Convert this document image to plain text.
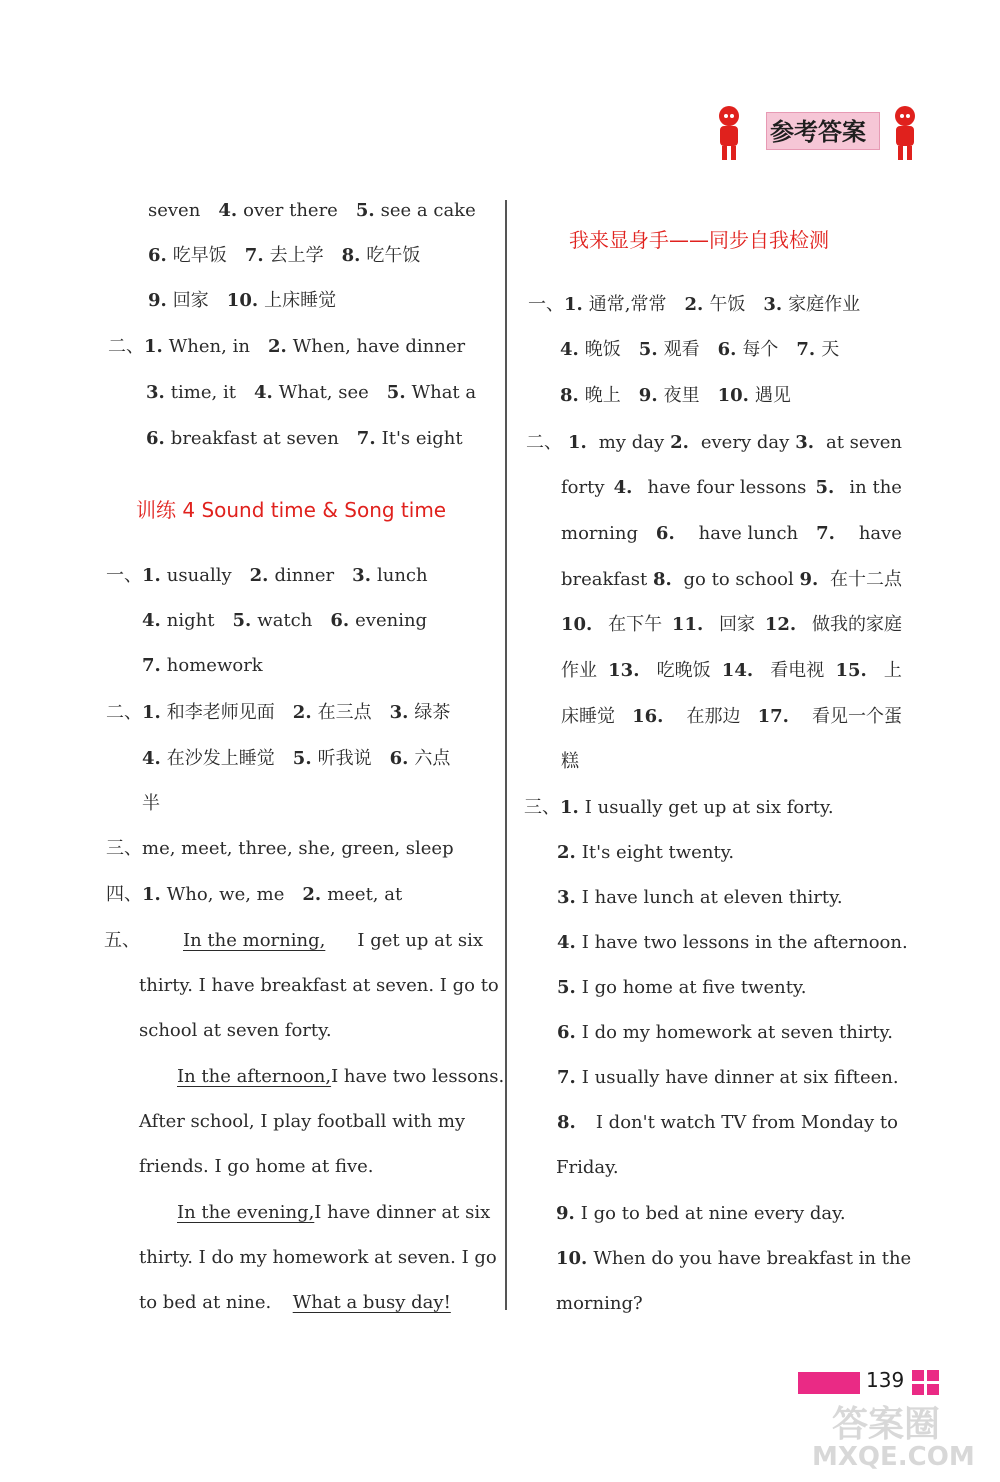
参考答案
seven 4. over there 5. see a cake
6. 吃早饭 7. 去上学 8. 吃午饭
9. 回家 10. 上床睡觉
二、1. When, in 2. When, have dinner
3. time, it 4. What, see 5. What a
6. breakfast at seven 7. It's eight
训练 4 Sound time & Song time
一、1. usually 2. dinner 3. lunch
4. night 5. watch 6. evening
7. homework
二、1. 和李老师见面 2. 在三点 3. 绿茶
4. 在沙发上睡觉 5. 听我说 6. 六点
半
三、me, meet, three, she, green, sleep
四、1. Who, we, me 2. meet, at
五、 In the morning, I get up at six
thirty. I have breakfast at seven. I go to
school at seven forty.
In the afternoon, I have two lessons.
After school, I play football with my
friends. I go home at five.
In the evening, I have dinner at six
thirty. I do my homework at seven. I go
to bed at nine. What a busy day!
我来显身手——同步自我检测
一、1. 通常,常常 2. 午饭 3. 家庭作业
4. 晚饭 5. 观看 6. 每个 7. 天
8. 晚上 9. 夜里 10. 遇见
二、 1. my day 2. every day 3. at seven
forty 4. have four lessons 5. in the
morning 6. have lunch 7. have
breakfast 8. go to school 9. 在十二点
10. 在下午 11. 回家 12. 做我的家庭
作业 13. 吃晚饭 14. 看电视 15. 上
床睡觉 16. 在那边 17. 看见一个蛋
糕
三、1. I usually get up at six forty.
2. It's eight twenty.
3. I have lunch at eleven thirty.
4. I have two lessons in the afternoon.
5. I go home at five twenty.
6. I do my homework at seven thirty.
7. I usually have dinner at six fifteen.
8. I don't watch TV from Monday to
Friday.
9. I go to bed at nine every day.
10. When do you have breakfast in the
morning?
139
答案圈
MXQE.COM
